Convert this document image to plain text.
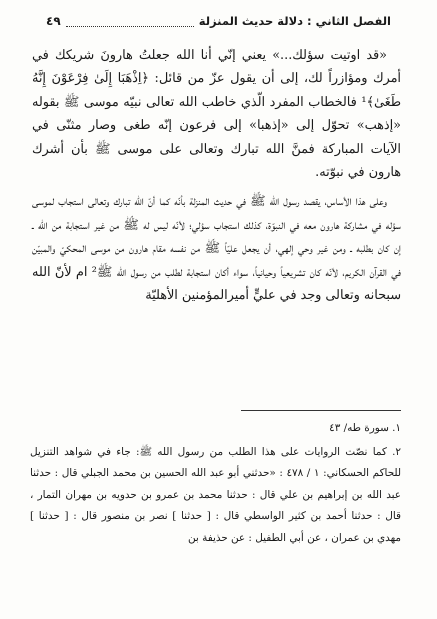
الفصل الثاني : دلالة حديث المنزلة
٤٩

«قد اوتيت سؤلك...» يعني إنّي أنا الله جعلتُ هارونَ شريكك في أمرك ومؤازراً لك، إلى أن يقول عزّ من قائل: ﴿اِذْهَبَا إِلَىٰ فِرْعَوْنَ إِنَّهُ طَغَىٰ﴾¹ فالخطاب المفرد الّذي خاطب الله تعالى نبيّه موسى ﷺ بقوله «إذهب» تحوّل إلى «إذهبا» إلى فرعون إنّه طغى وصار مثنّى في الآيات المباركة فمنَّ الله تبارك وتعالى على موسى ﷺ بأن أشرك هارون في نبوّته.

وعلى هذا الأساس، يقصد رسول الله ﷺ في حديث المنزلة بأنّه كما أنّ الله تبارك وتعالى استجاب لموسى سؤله في مشاركة هارون معه في النبوّة، كذلك استجاب سؤلي؛ لأنّه ليس له ﷺ من غير استجابة من الله ـ إن كان بطلبه ـ ومن غير وحي إلهي، أن يجعل عليّاً ﷺ من نفسه مقام هارون من موسى المحكيّ والمبيّن في القرآن الكريم، لأنّه كان تشريعياً وحيانياً، سواء أكان استجابة لطلب من رسول الله ﷺ² ام لأنّ الله سبحانه وتعالى وجد في عليٍّ أميرالمؤمنين الأهليّة

١. سورة طه/ ٤٣

٢. كما نصّت الروايات على هذا الطلب من رسول الله ﷺ: جاء في شواهد التنزيل للحاكم الحسكاني: ١ / ٤٧٨ : «حدثني أبو عبد الله الحسين بن محمد الجبلي قال : حدثنا عبد الله بن إبراهيم بن علي قال : حدثنا محمد بن عمرو بن حدويه بن مهران التمار ، قال : حدثنا أحمد بن كثير الواسطي قال : [ حدثنا ] نصر بن منصور قال : [ حدثنا ] مهدي بن عمران ، عن أبي الطفيل : عن حذيفة بن
